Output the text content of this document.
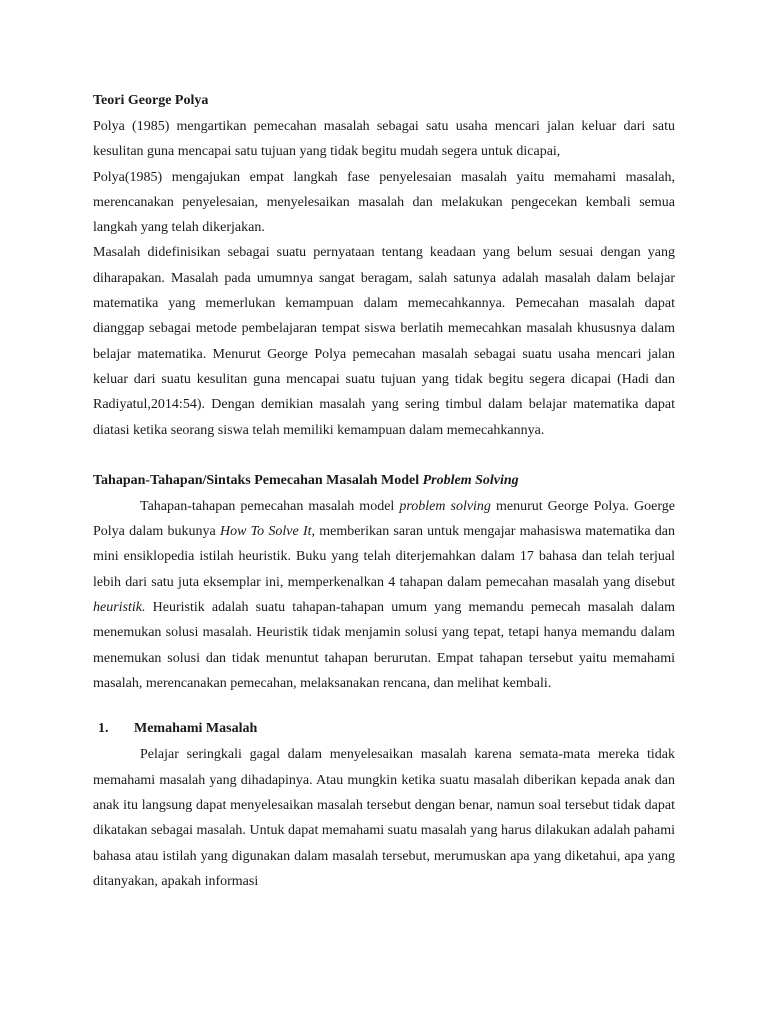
Teori George Polya

Polya (1985) mengartikan pemecahan masalah sebagai satu usaha mencari jalan keluar dari satu kesulitan guna mencapai satu tujuan yang tidak begitu mudah segera untuk dicapai,

Polya(1985) mengajukan empat langkah fase penyelesaian masalah yaitu memahami masalah, merencanakan penyelesaian, menyelesaikan masalah dan melakukan pengecekan kembali semua langkah yang telah dikerjakan.

Masalah didefinisikan sebagai suatu pernyataan tentang keadaan yang belum sesuai dengan yang diharapakan. Masalah pada umumnya sangat beragam, salah satunya adalah masalah dalam belajar matematika yang memerlukan kemampuan dalam memecahkannya. Pemecahan masalah dapat dianggap sebagai metode pembelajaran tempat siswa berlatih memecahkan masalah khususnya dalam belajar matematika. Menurut George Polya pemecahan masalah sebagai suatu usaha mencari jalan keluar dari suatu kesulitan guna mencapai suatu tujuan yang tidak begitu segera dicapai (Hadi dan Radiyatul,2014:54). Dengan demikian masalah yang sering timbul dalam belajar matematika dapat diatasi ketika seorang siswa telah memiliki kemampuan dalam memecahkannya.

Tahapan-Tahapan/Sintaks Pemecahan Masalah Model Problem Solving

Tahapan-tahapan pemecahan masalah model problem solving menurut George Polya. Goerge Polya dalam bukunya How To Solve It, memberikan saran untuk mengajar mahasiswa matematika dan mini ensiklopedia istilah heuristik. Buku yang telah diterjemahkan dalam 17 bahasa dan telah terjual lebih dari satu juta eksemplar ini, memperkenalkan 4 tahapan dalam pemecahan masalah yang disebut heuristik. Heuristik adalah suatu tahapan-tahapan umum yang memandu pemecah masalah dalam menemukan solusi masalah. Heuristik tidak menjamin solusi yang tepat, tetapi hanya memandu dalam menemukan solusi dan tidak menuntut tahapan berurutan. Empat tahapan tersebut yaitu memahami masalah, merencanakan pemecahan, melaksanakan rencana, dan melihat kembali.

1.	Memahami Masalah

Pelajar seringkali gagal dalam menyelesaikan masalah karena semata-mata mereka tidak memahami masalah yang dihadapinya. Atau mungkin ketika suatu masalah diberikan kepada anak dan anak itu langsung dapat menyelesaikan masalah tersebut dengan benar, namun soal tersebut tidak dapat dikatakan sebagai masalah. Untuk dapat memahami suatu masalah yang harus dilakukan adalah pahami bahasa atau istilah yang digunakan dalam masalah tersebut, merumuskan apa yang diketahui, apa yang ditanyakan, apakah informasi
